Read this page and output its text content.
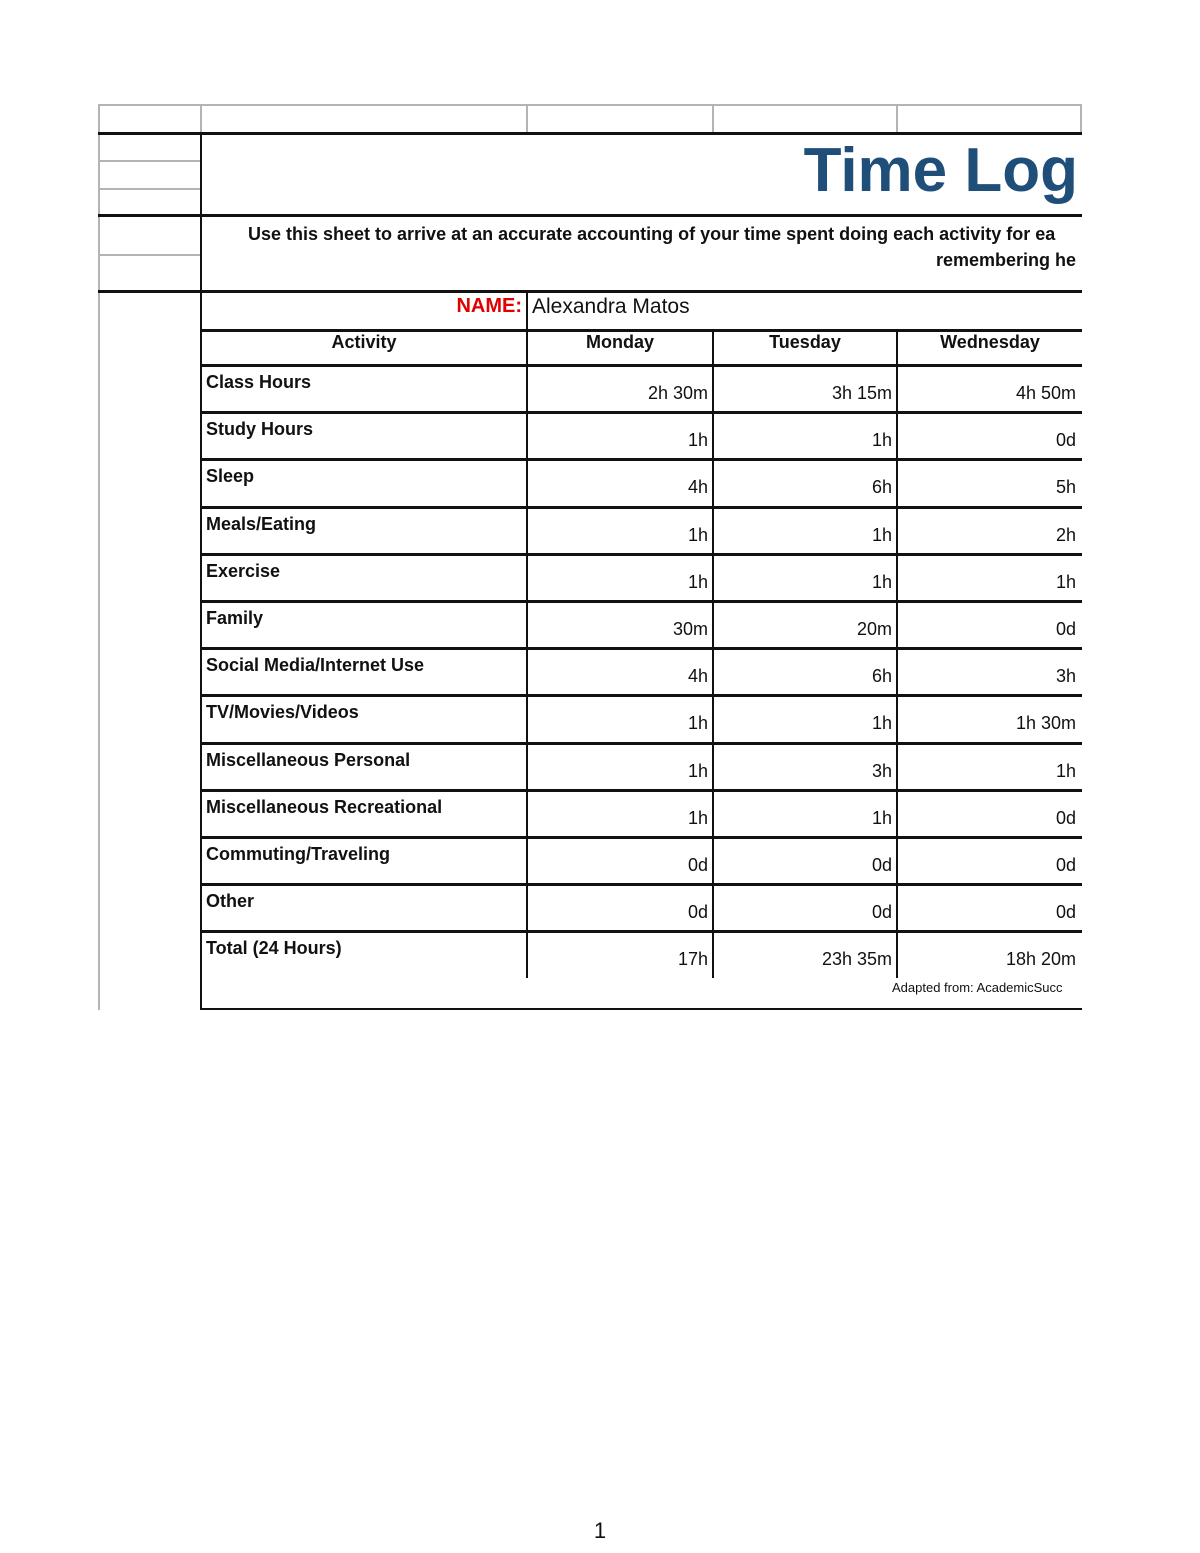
Time Log
Use this sheet to arrive at an accurate accounting of your time spent doing each activity for ea
remembering he
NAME: Alexandra Matos
Activity	Monday	Tuesday	Wednesday
Class Hours
2h 30m	3h 15m	4h 50m
Study Hours
1h	1h	0d
Sleep
4h	6h	5h
Meals/Eating
1h	1h	2h
Exercise
1h	1h	1h
Family
30m	20m	0d
Social Media/Internet Use
4h	6h	3h
TV/Movies/Videos
1h	1h	1h 30m
Miscellaneous Personal
1h	3h	1h
Miscellaneous Recreational
1h	1h	0d
Commuting/Traveling
0d	0d	0d
Other
0d	0d	0d
Total (24 Hours)
17h	23h 35m	18h 20m
Adapted from: AcademicSucc
1
